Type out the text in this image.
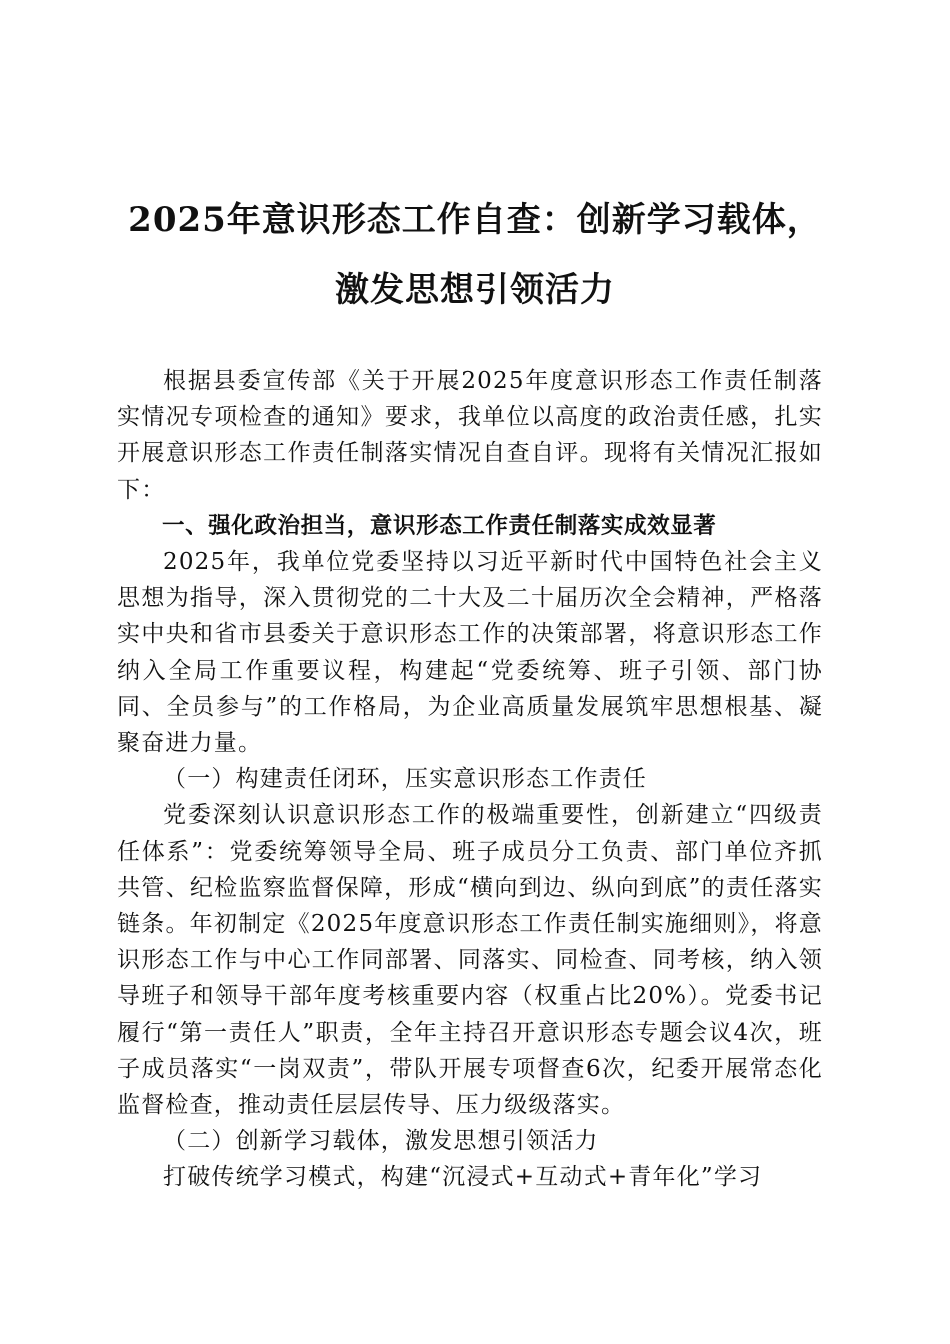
2025年意识形态工作自查：创新学习载体，
激发思想引领活力

根据县委宣传部《关于开展2025年度意识形态工作责任制落实情况专项检查的通知》要求，我单位以高度的政治责任感，扎实开展意识形态工作责任制落实情况自查自评。现将有关情况汇报如下：

一、强化政治担当，意识形态工作责任制落实成效显著

2025年，我单位党委坚持以习近平新时代中国特色社会主义思想为指导，深入贯彻党的二十大及二十届历次全会精神，严格落实中央和省市县委关于意识形态工作的决策部署，将意识形态工作纳入全局工作重要议程，构建起“党委统筹、班子引领、部门协同、全员参与”的工作格局，为企业高质量发展筑牢思想根基、凝聚奋进力量。

（一）构建责任闭环，压实意识形态工作责任

党委深刻认识意识形态工作的极端重要性，创新建立“四级责任体系”：党委统筹领导全局、班子成员分工负责、部门单位齐抓共管、纪检监察监督保障，形成“横向到边、纵向到底”的责任落实链条。年初制定《2025年度意识形态工作责任制实施细则》，将意识形态工作与中心工作同部署、同落实、同检查、同考核，纳入领导班子和领导干部年度考核重要内容（权重占比20%）。党委书记履行“第一责任人”职责，全年主持召开意识形态专题会议4次，班子成员落实“一岗双责”，带队开展专项督查6次，纪委开展常态化监督检查，推动责任层层传导、压力级级落实。

（二）创新学习载体，激发思想引领活力

打破传统学习模式，构建“沉浸式+互动式+青年化”学习
